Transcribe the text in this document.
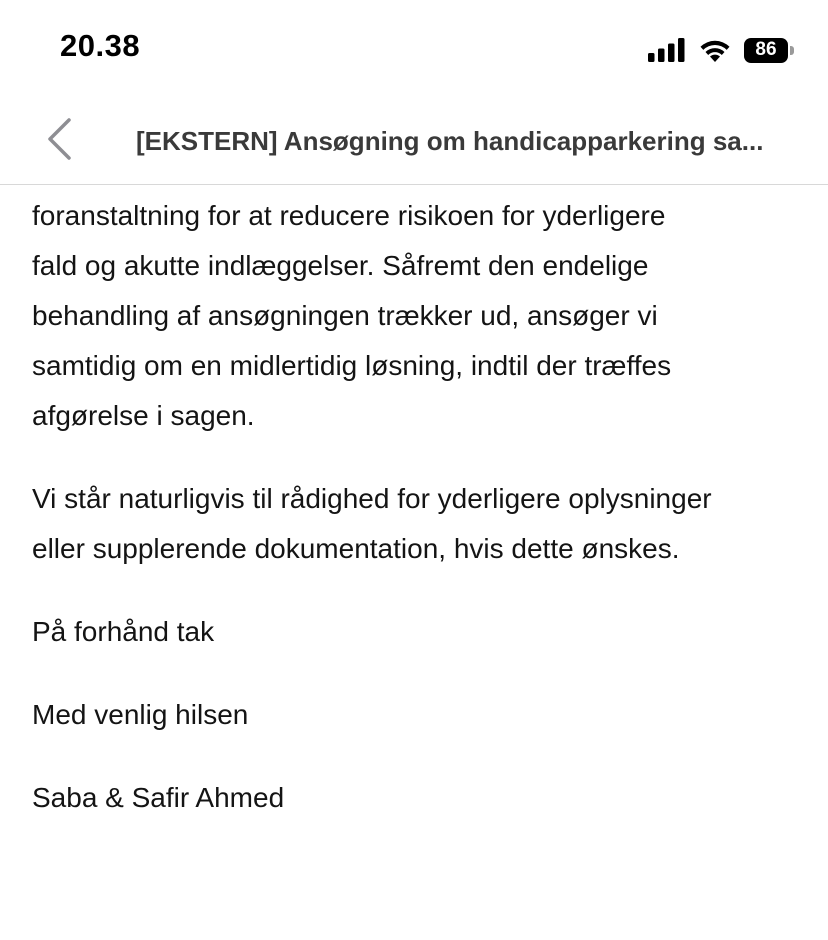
20.38	86
[EKSTERN] Ansøgning om handicapparkering sa...

foranstaltning for at reducere risikoen for yderligere
fald og akutte indlæggelser. Såfremt den endelige
behandling af ansøgningen trækker ud, ansøger vi
samtidig om en midlertidig løsning, indtil der træffes
afgørelse i sagen.

Vi står naturligvis til rådighed for yderligere oplysninger
eller supplerende dokumentation, hvis dette ønskes.

På forhånd tak

Med venlig hilsen

Saba & Safir Ahmed
